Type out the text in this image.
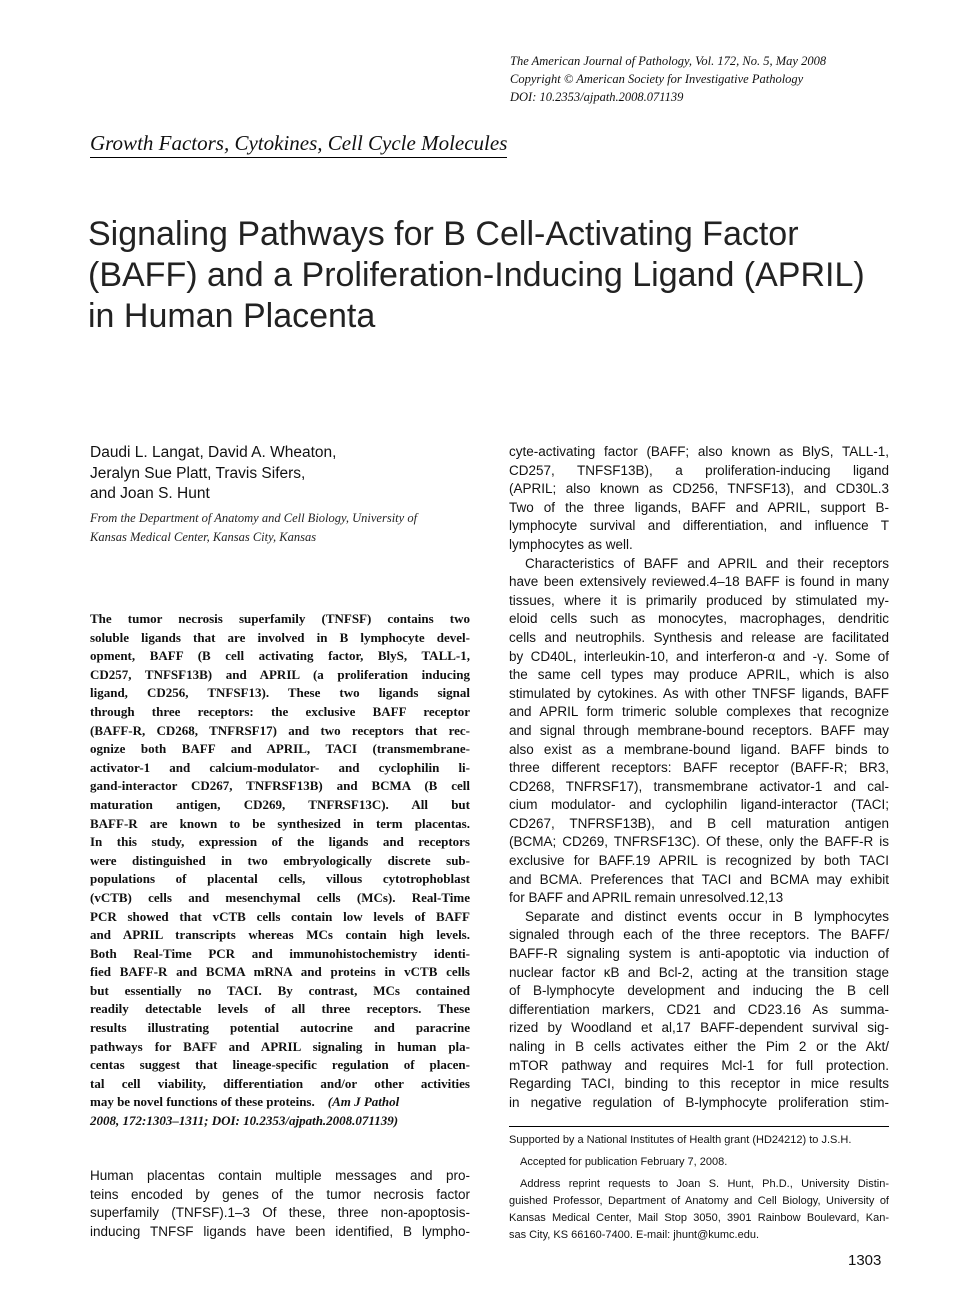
The American Journal of Pathology, Vol. 172, No. 5, May 2008
Copyright © American Society for Investigative Pathology
DOI: 10.2353/ajpath.2008.071139
Growth Factors, Cytokines, Cell Cycle Molecules
Signaling Pathways for B Cell-Activating Factor
(BAFF) and a Proliferation-Inducing Ligand (APRIL)
in Human Placenta
Daudi L. Langat, David A. Wheaton,
Jeralyn Sue Platt, Travis Sifers,
and Joan S. Hunt
From the Department of Anatomy and Cell Biology, University of
Kansas Medical Center, Kansas City, Kansas
The tumor necrosis superfamily (TNFSF) contains two
soluble ligands that are involved in B lymphocyte devel-
opment, BAFF (B cell activating factor, BlyS, TALL-1,
CD257, TNFSF13B) and APRIL (a proliferation inducing
ligand, CD256, TNFSF13). These two ligands signal
through three receptors: the exclusive BAFF receptor
(BAFF-R, CD268, TNFRSF17) and two receptors that rec-
ognize both BAFF and APRIL, TACI (transmembrane-
activator-1 and calcium-modulator- and cyclophilin li-
gand-interactor CD267, TNFRSF13B) and BCMA (B cell
maturation antigen, CD269, TNFRSF13C). All but
BAFF-R are known to be synthesized in term placentas.
In this study, expression of the ligands and receptors
were distinguished in two embryologically discrete sub-
populations of placental cells, villous cytotrophoblast
(vCTB) cells and mesenchymal cells (MCs). Real-Time
PCR showed that vCTB cells contain low levels of BAFF
and APRIL transcripts whereas MCs contain high levels.
Both Real-Time PCR and immunohistochemistry identi-
fied BAFF-R and BCMA mRNA and proteins in vCTB cells
but essentially no TACI. By contrast, MCs contained
readily detectable levels of all three receptors. These
results illustrating potential autocrine and paracrine
pathways for BAFF and APRIL signaling in human pla-
centas suggest that lineage-specific regulation of placen-
tal cell viability, differentiation and/or other activities
may be novel functions of these proteins. (Am J Pathol
2008, 172:1303–1311; DOI: 10.2353/ajpath.2008.071139)
Human placentas contain multiple messages and pro-
teins encoded by genes of the tumor necrosis factor
superfamily (TNFSF).1–3 Of these, three non-apoptosis-
inducing TNFSF ligands have been identified, B lympho-
cyte-activating factor (BAFF; also known as BlyS, TALL-1,
CD257, TNFSF13B), a proliferation-inducing ligand
(APRIL; also known as CD256, TNFSF13), and CD30L.3
Two of the three ligands, BAFF and APRIL, support B-
lymphocyte survival and differentiation, and influence T
lymphocytes as well.
Characteristics of BAFF and APRIL and their receptors
have been extensively reviewed.4–18 BAFF is found in many
tissues, where it is primarily produced by stimulated my-
eloid cells such as monocytes, macrophages, dendritic
cells and neutrophils. Synthesis and release are facilitated
by CD40L, interleukin-10, and interferon-α and -γ. Some of
the same cell types may produce APRIL, which is also
stimulated by cytokines. As with other TNFSF ligands, BAFF
and APRIL form trimeric soluble complexes that recognize
and signal through membrane-bound receptors. BAFF may
also exist as a membrane-bound ligand. BAFF binds to
three different receptors: BAFF receptor (BAFF-R; BR3,
CD268, TNFRSF17), transmembrane activator-1 and cal-
cium modulator- and cyclophilin ligand-interactor (TACI;
CD267, TNFRSF13B), and B cell maturation antigen
(BCMA; CD269, TNFRSF13C). Of these, only the BAFF-R is
exclusive for BAFF.19 APRIL is recognized by both TACI
and BCMA. Preferences that TACI and BCMA may exhibit
for BAFF and APRIL remain unresolved.12,13
Separate and distinct events occur in B lymphocytes
signaled through each of the three receptors. The BAFF/
BAFF-R signaling system is anti-apoptotic via induction of
nuclear factor κB and Bcl-2, acting at the transition stage
of B-lymphocyte development and inducing the B cell
differentiation markers, CD21 and CD23.16 As summa-
rized by Woodland et al,17 BAFF-dependent survival sig-
naling in B cells activates either the Pim 2 or the Akt/
mTOR pathway and requires Mcl-1 for full protection.
Regarding TACI, binding to this receptor in mice results
in negative regulation of B-lymphocyte proliferation stim-
Supported by a National Institutes of Health grant (HD24212) to J.S.H.
Accepted for publication February 7, 2008.
Address reprint requests to Joan S. Hunt, Ph.D., University Distin-
guished Professor, Department of Anatomy and Cell Biology, University of
Kansas Medical Center, Mail Stop 3050, 3901 Rainbow Boulevard, Kan-
sas City, KS 66160-7400. E-mail: jhunt@kumc.edu.
1303
